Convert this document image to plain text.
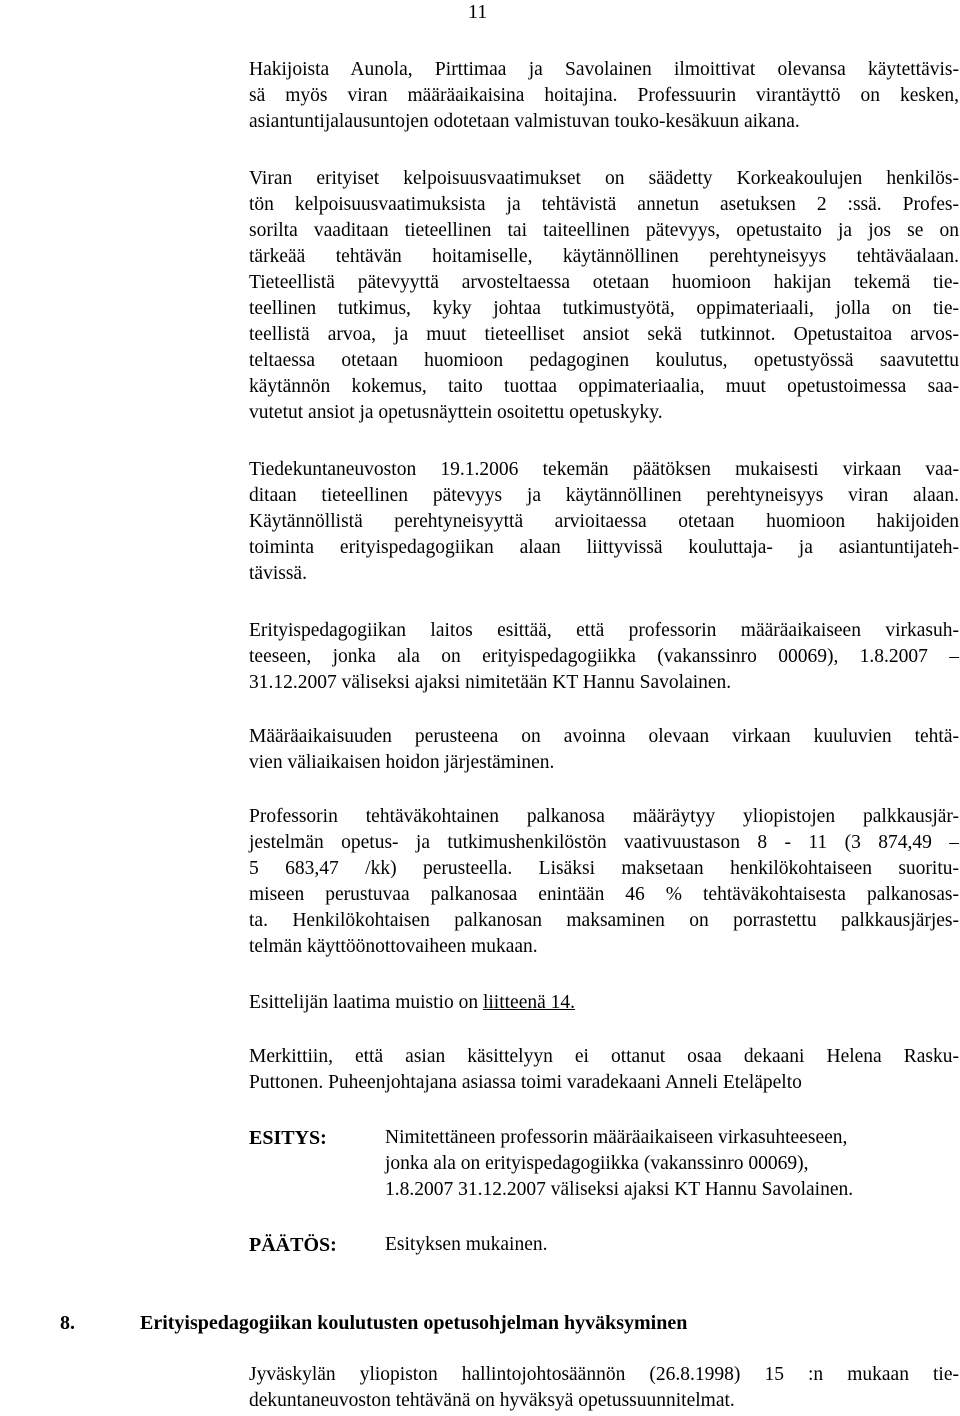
11
Hakijoista Aunola, Pirttimaa ja Savolainen ilmoittivat olevansa käytettävis-
sä myös viran määräaikaisina hoitajina. Professuurin virantäyttö on kesken,
asiantuntijalausuntojen odotetaan valmistuvan touko-kesäkuun aikana.
Viran erityiset kelpoisuusvaatimukset on säädetty Korkeakoulujen henkilös-
tön kelpoisuusvaatimuksista ja tehtävistä annetun asetuksen 2 :ssä. Profes-
sorilta vaaditaan tieteellinen tai taiteellinen pätevyys, opetustaito ja jos se on
tärkeää tehtävän hoitamiselle, käytännöllinen perehtyneisyys tehtäväalaan.
Tieteellistä pätevyyttä arvosteltaessa otetaan huomioon hakijan tekemä tie-
teellinen tutkimus, kyky johtaa tutkimustyötä, oppimateriaali, jolla on tie-
teellistä arvoa, ja muut tieteelliset ansiot sekä tutkinnot. Opetustaitoa arvos-
teltaessa otetaan huomioon pedagoginen koulutus, opetustyössä saavutettu
käytännön kokemus, taito tuottaa oppimateriaalia, muut opetustoimessa saa-
vutetut ansiot ja opetusnäyttein osoitettu opetuskyky.
Tiedekuntaneuvoston 19.1.2006 tekemän päätöksen mukaisesti virkaan vaa-
ditaan tieteellinen pätevyys ja käytännöllinen perehtyneisyys viran alaan.
Käytännöllistä perehtyneisyyttä arvioitaessa otetaan huomioon hakijoiden
toiminta erityispedagogiikan alaan liittyvissä kouluttaja- ja asiantuntijateh-
tävissä.
Erityispedagogiikan laitos esittää, että professorin määräaikaiseen virkasuh-
teeseen, jonka ala on erityispedagogiikka (vakanssinro 00069), 1.8.2007 –
31.12.2007 väliseksi ajaksi nimitetään KT Hannu Savolainen.
Määräaikaisuuden perusteena on avoinna olevaan virkaan kuuluvien tehtä-
vien väliaikaisen hoidon järjestäminen.
Professorin tehtäväkohtainen palkanosa määräytyy yliopistojen palkkausjär-
jestelmän opetus- ja tutkimushenkilöstön vaativuustason 8 - 11 (3 874,49 –
5 683,47 /kk) perusteella. Lisäksi maksetaan henkilökohtaiseen suoritu-
miseen perustuvaa palkanosaa enintään 46 % tehtäväkohtaisesta palkanosas-
ta. Henkilökohtaisen palkanosan maksaminen on porrastettu palkkausjärjes-
telmän käyttöönottovaiheen mukaan.
Esittelijän laatima muistio on liitteenä 14.
Merkittiin, että asian käsittelyyn ei ottanut osaa dekaani Helena Rasku-
Puttonen. Puheenjohtajana asiassa toimi varadekaani Anneli Eteläpelto
ESITYS:	Nimitettäneen professorin määräaikaiseen virkasuhteeseen,
jonka ala on erityispedagogiikka (vakanssinro 00069),
1.8.2007 31.12.2007 väliseksi ajaksi KT Hannu Savolainen.
PÄÄTÖS: Esityksen mukainen.
8.	Erityispedagogiikan koulutusten opetusohjelman hyväksyminen
Jyväskylän yliopiston hallintojohtosäännön (26.8.1998) 15 :n mukaan tie-
dekuntaneuvoston tehtävänä on hyväksyä opetussuunnitelmat.
